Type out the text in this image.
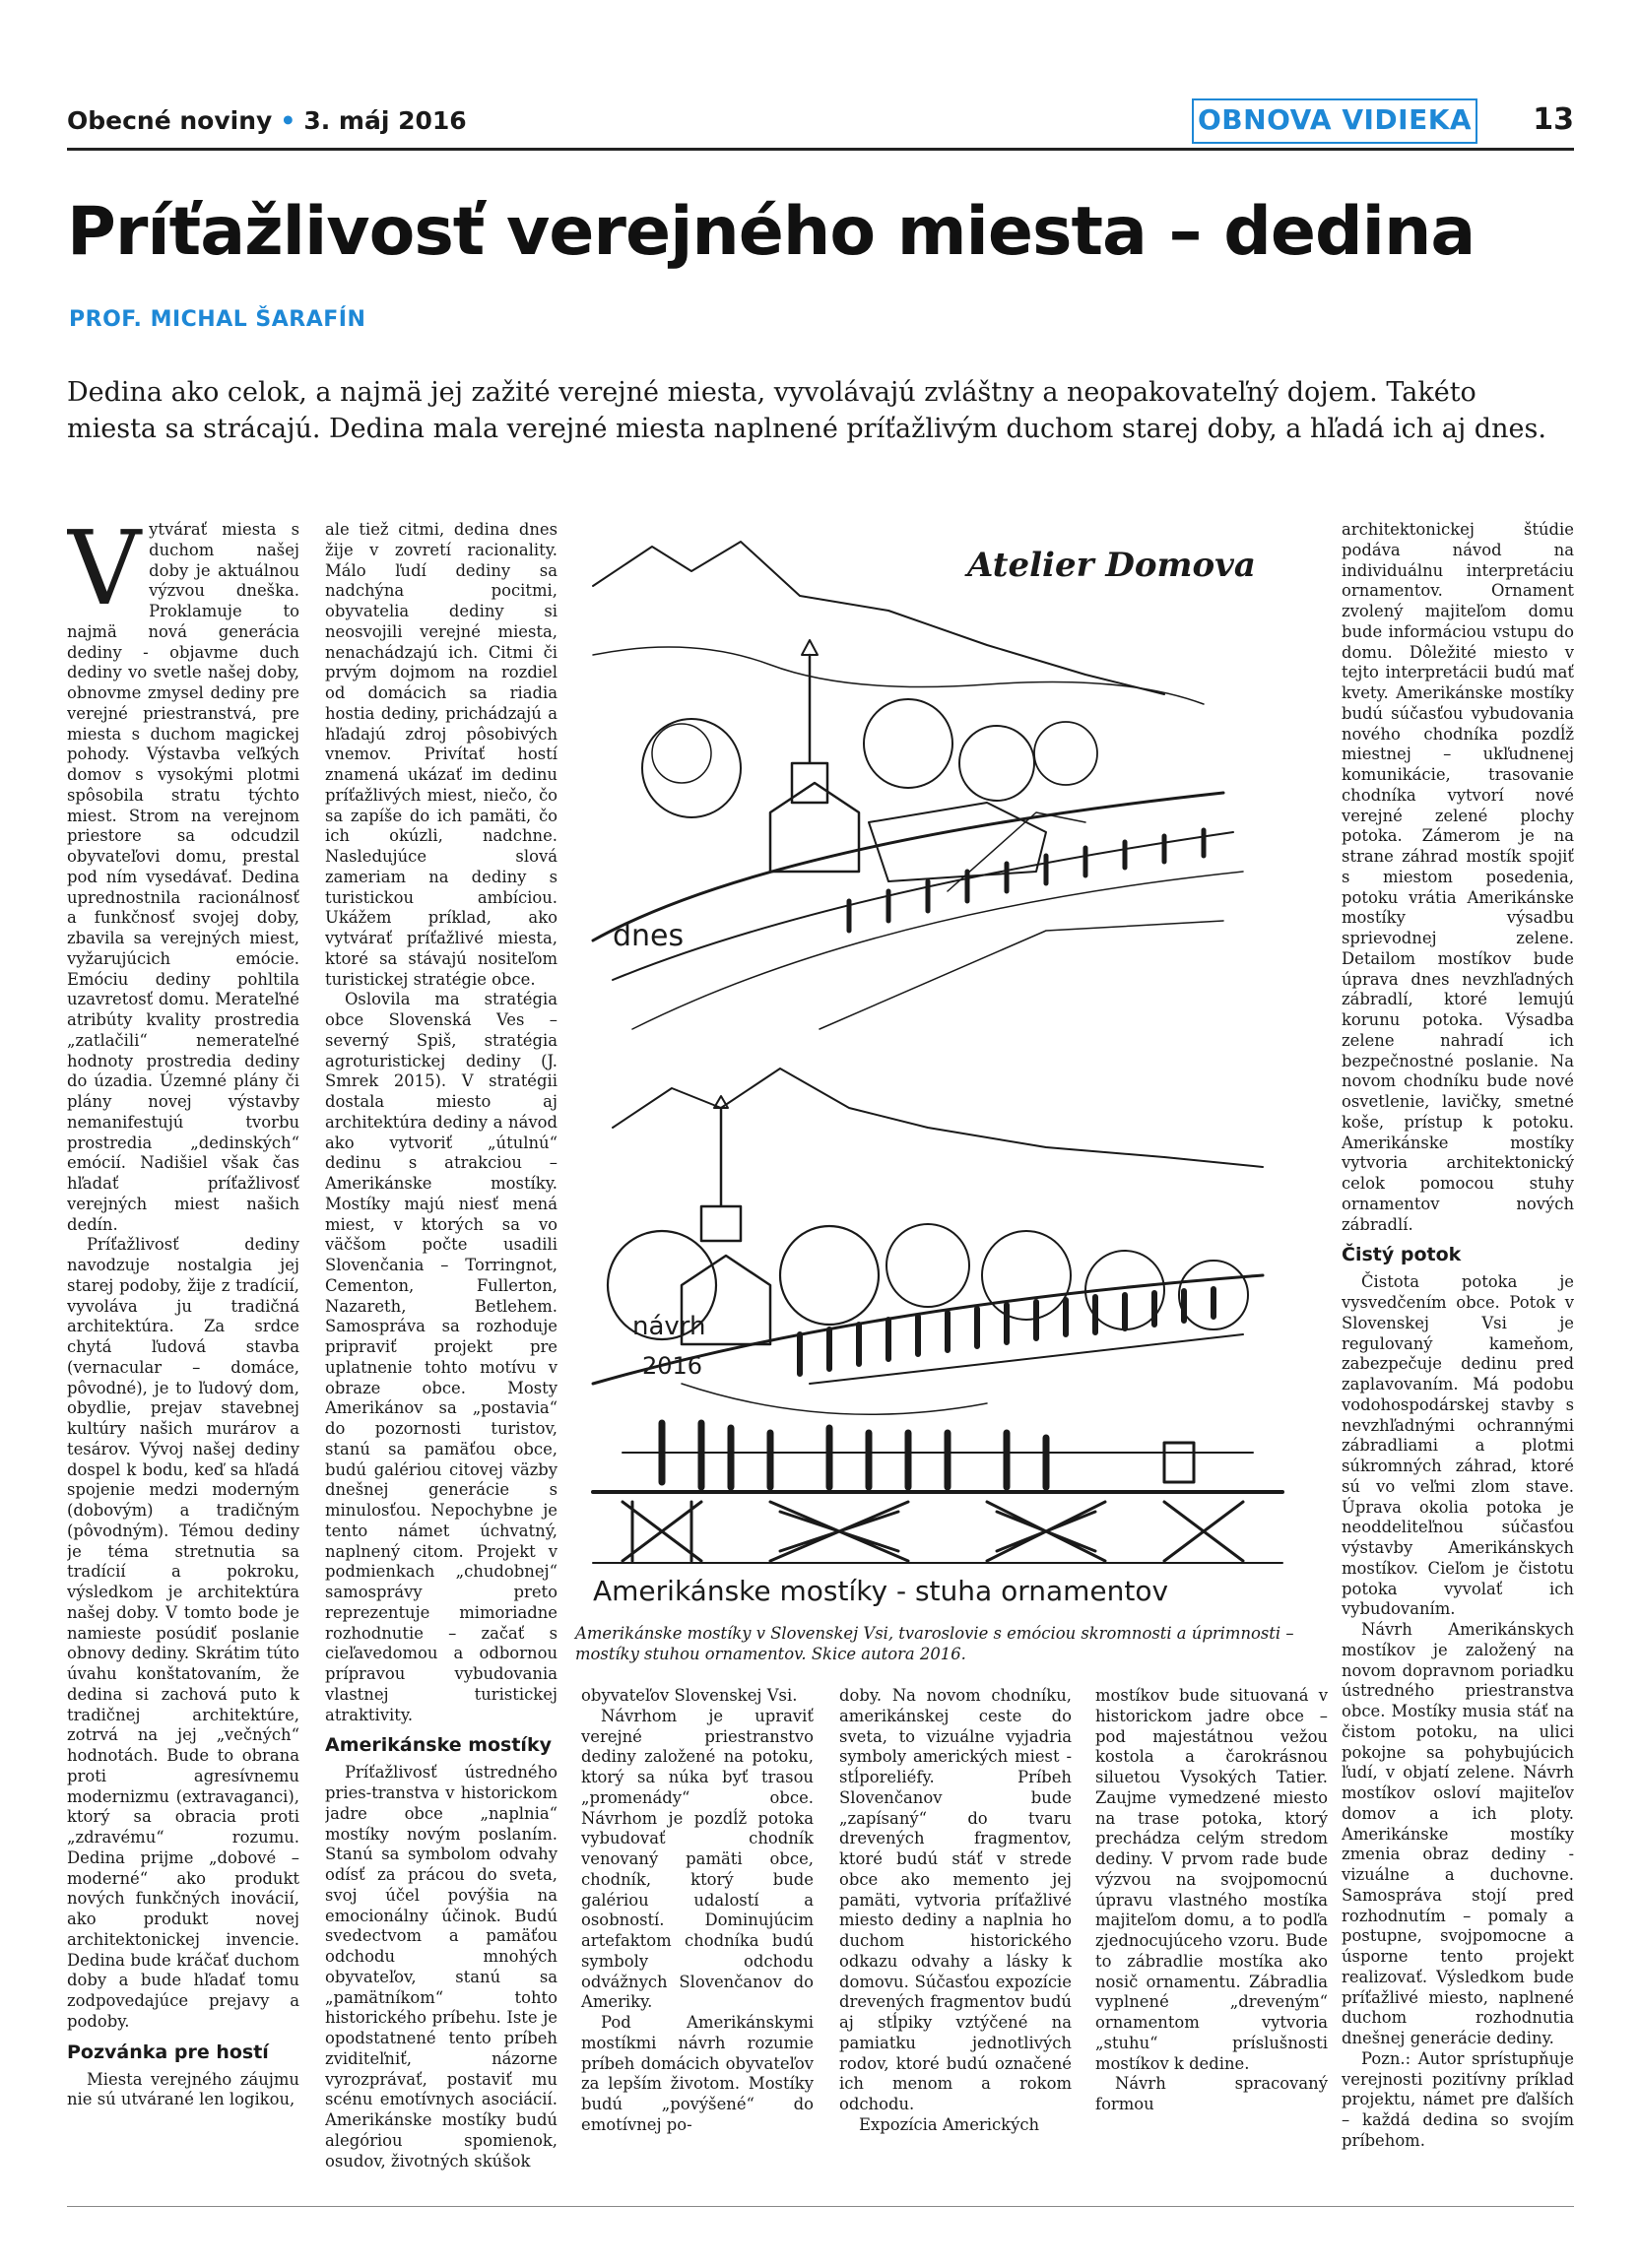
Obecné noviny • 3. máj 2016	OBNOVA VIDIEKA 13
Príťažlivosť verejného miesta – dedina
PROF. MICHAL ŠARAFÍN
Dedina ako celok, a najmä jej zažité verejné miesta, vyvolávajú zvláštny a neopakovateľný dojem. Takéto miesta sa strácajú. Dedina mala verejné miesta naplnené príťažlivým duchom starej doby, a hľadá ich aj dnes.

Vytvárať miesta s duchom našej doby je aktuálnou výzvou dneška. Proklamuje to najmä nová generácia dediny - objavme duch dediny vo svetle našej doby, obnovme zmysel dediny pre verejné priestranstvá, pre miesta s duchom magickej pohody. Výstavba veľkých domov s vysokými plotmi spôsobila stratu týchto miest. Strom na verejnom priestore sa odcudzil obyvateľovi domu, prestal pod ním vysedávať. Dedina uprednostnila racionálnosť a funkčnosť svojej doby, zbavila sa verejných miest, vyžarujúcich emócie. Emóciu dediny pohltila uzavretosť domu. Merateľné atribúty kvality prostredia „zatlačili“ nemerateľné hodnoty prostredia dediny do úzadia. Územné plány či plány novej výstavby nemanifestujú tvorbu prostredia „dedinských“ emócií. Nadišiel však čas hľadať príťažlivosť verejných miest našich dedín.

Príťažlivosť dediny navodzuje nostalgia jej starej podoby, žije z tradícií, vyvoláva ju tradičná architektúra. Za srdce chytá ľudová stavba (vernacular – domáce, pôvodné), je to ľudový dom, obydlie, prejav stavebnej kultúry našich murárov a tesárov. Vývoj našej dediny dospel k bodu, keď sa hľadá spojenie medzi moderným (dobovým) a tradičným (pôvodným). Témou dediny je téma stretnutia sa tradícií a pokroku, výsledkom je architektúra našej doby. V tomto bode je namieste posúdiť poslanie obnovy dediny. Skrátim túto úvahu konštatovaním, že dedina si zachová puto k tradičnej architektúre, zotrvá na jej „večných“ hodnotách. Bude to obrana proti agresívnemu modernizmu (extravaganci), ktorý sa obracia proti „zdravému“ rozumu. Dedina prijme „dobové – moderné“ ako produkt nových funkčných inovácií, ako produkt novej architektonickej invencie. Dedina bude kráčať duchom doby a bude hľadať tomu zodpovedajúce prejavy a podoby.

Pozvánka pre hostí

Miesta verejného záujmu nie sú utvárané len logikou,

ale tiež citmi, dedina dnes žije v zovretí racionality. Málo ľudí dediny sa nadchýna pocitmi, obyvatelia dediny si neosvojili verejné miesta, nenachádzajú ich. Citmi či prvým dojmom na rozdiel od domácich sa riadia hostia dediny, prichádzajú a hľadajú zdroj pôsobivých vnemov. Privítať hostí znamená ukázať im dedinu príťažlivých miest, niečo, čo sa zapíše do ich pamäti, čo ich okúzli, nadchne. Nasledujúce slová zameriam na dediny s turistickou ambíciou. Ukážem príklad, ako vytvárať príťažlivé miesta, ktoré sa stávajú nositeľom turistickej stratégie obce.

Oslovila ma stratégia obce Slovenská Ves – severný Spiš, stratégia agroturistickej dediny (J. Smrek 2015). V stratégii dostala miesto aj architektúra dediny a návod ako vytvoriť „útulnú“ dedinu s atrakciou – Amerikánske mostíky. Mostíky majú niesť mená miest, v ktorých sa vo väčšom počte usadili Slovenčania – Torringnot, Cementon, Fullerton, Nazareth, Betlehem. Samospráva sa rozhoduje pripraviť projekt pre uplatnenie tohto motívu v obraze obce. Mosty Amerikánov sa „postavia“ do pozornosti turistov, stanú sa pamäťou obce, budú galériou citovej väzby dnešnej generácie s minulosťou. Nepochybne je tento námet úchvatný, naplnený citom. Projekt v podmienkach „chudobnej“ samosprávy preto reprezentuje mimoriadne rozhodnutie – začať s cieľavedomou a odbornou prípravou vybudovania vlastnej turistickej atraktivity.

Amerikánske mostíky

Príťažlivosť ústredného pries-transtva v historickom jadre obce „naplnia“ mostíky novým poslaním. Stanú sa symbolom odvahy odísť za prácou do sveta, svoj účel povýšia na emocionálny účinok. Budú svedectvom a pamäťou odchodu mnohých obyvateľov, stanú sa „pamätníkom“ tohto historického príbehu. Iste je opodstatnené tento príbeh zviditeľniť, názorne vyrozprávať, postaviť mu scénu emotívnych asociácií. Amerikánske mostíky budú alegóriou spomienok, osudov, životných skúšok

Atelier Domova
dnes
návrh
2016
Amerikánske mostíky - stuha ornamentov
Amerikánske mostíky v Slovenskej Vsi, tvaroslovie s emóciou skromnosti a úprimnosti – mostíky stuhou ornamentov. Skice autora 2016.

obyvateľov Slovenskej Vsi.

Návrhom je upraviť verejné priestranstvo dediny založené na potoku, ktorý sa núka byť trasou „promenády“ obce. Návrhom je pozdĺž potoka vybudovať chodník venovaný pamäti obce, chodník, ktorý bude galériou udalostí a osobností. Dominujúcim artefaktom chodníka budú symboly odchodu odvážnych Slovenčanov do Ameriky.

Pod Amerikánskymi mostíkmi návrh rozumie príbeh domácich obyvateľov za lepším životom. Mostíky budú „povýšené“ do emotívnej po-

doby. Na novom chodníku, amerikánskej ceste do sveta, to vizuálne vyjadria symboly amerických miest - stĺporeliéfy. Príbeh Slovenčanov bude „zapísaný“ do tvaru drevených fragmentov, ktoré budú stáť v strede obce ako memento jej pamäti, vytvoria príťažlivé miesto dediny a naplnia ho duchom historického odkazu odvahy a lásky k domovu. Súčasťou expozície drevených fragmentov budú aj stĺpiky vztýčené na pamiatku jednotlivých rodov, ktoré budú označené ich menom a rokom odchodu.

Expozícia Amerických

mostíkov bude situovaná v historickom jadre obce – pod majestátnou vežou kostola a čarokrásnou siluetou Vysokých Tatier. Zaujme vymedzené miesto na trase potoka, ktorý prechádza celým stredom dediny. V prvom rade bude výzvou na svojpomocnú úpravu vlastného mostíka majiteľom domu, a to podľa zjednocujúceho vzoru. Bude to zábradlie mostíka ako nosič ornamentu. Zábradlia vyplnené „dreveným“ ornamentom vytvoria „stuhu“ príslušnosti mostíkov k dedine.

Návrh spracovaný formou

architektonickej štúdie podáva návod na individuálnu interpretáciu ornamentov. Ornament zvolený majiteľom domu bude informáciou vstupu do domu. Dôležité miesto v tejto interpretácii budú mať kvety. Amerikánske mostíky budú súčasťou vybudovania nového chodníka pozdĺž miestnej – ukľudnenej komunikácie, trasovanie chodníka vytvorí nové verejné zelené plochy potoka. Zámerom je na strane záhrad mostík spojiť s miestom posedenia, potoku vrátia Amerikánske mostíky výsadbu sprievodnej zelene. Detailom mostíkov bude úprava dnes nevzhľadných zábradlí, ktoré lemujú korunu potoka. Výsadba zelene nahradí ich bezpečnostné poslanie. Na novom chodníku bude nové osvetlenie, lavičky, smetné koše, prístup k potoku. Amerikánske mostíky vytvoria architektonický celok pomocou stuhy ornamentov nových zábradlí.

Čistý potok

Čistota potoka je vysvedčením obce. Potok v Slovenskej Vsi je regulovaný kameňom, zabezpečuje dedinu pred zaplavovaním. Má podobu vodohospodárskej stavby s nevzhľadnými ochrannými zábradliami a plotmi súkromných záhrad, ktoré sú vo veľmi zlom stave. Úprava okolia potoka je neoddeliteľnou súčasťou výstavby Amerikánskych mostíkov. Cieľom je čistotu potoka vyvolať ich vybudovaním.

Návrh Amerikánskych mostíkov je založený na novom dopravnom poriadku ústredného priestranstva obce. Mostíky musia stáť na čistom potoku, na ulici pokojne sa pohybujúcich ľudí, v objatí zelene. Návrh mostíkov osloví majiteľov domov a ich ploty. Amerikánske mostíky zmenia obraz dediny - vizuálne a duchovne. Samospráva stojí pred rozhodnutím – pomaly a postupne, svojpomocne a úsporne tento projekt realizovať. Výsledkom bude príťažlivé miesto, naplnené duchom rozhodnutia dnešnej generácie dediny.

Pozn.: Autor sprístupňuje verejnosti pozitívny príklad projektu, námet pre ďalších – každá dedina so svojím príbehom.
